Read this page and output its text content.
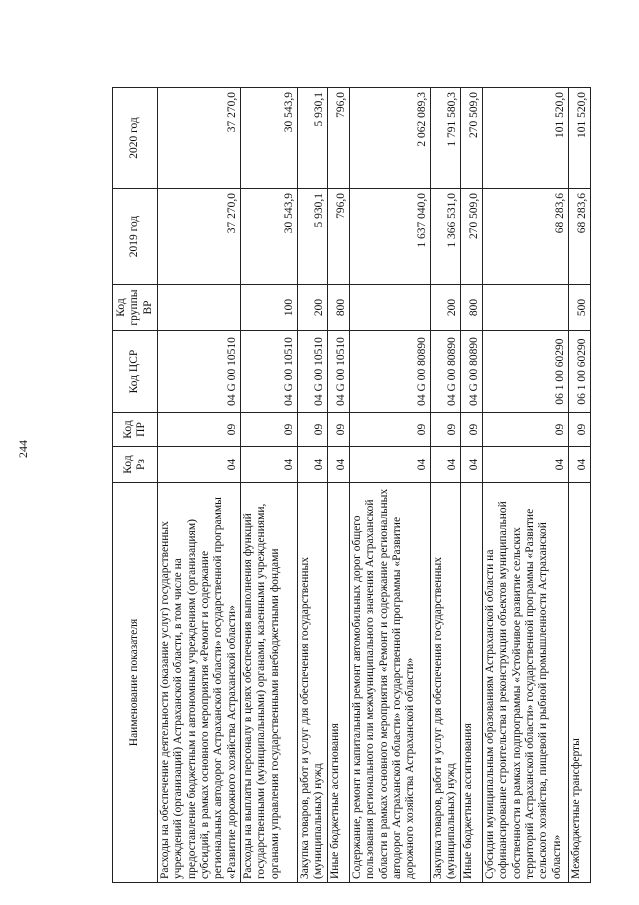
244
Наименование показателя	Код Рз	Код ПР	Код ЦСР	Код группы ВР	2019 год	2020 год
Расходы на обеспечение деятельности (оказание услуг) государственных учреждений (организаций) Астраханской области, в том числе на предоставление бюджетным и автономным учреждениям (организациям) субсидий, в рамках основного мероприятия «Ремонт и содержание региональных автодорог Астраханской области» государственной программы «Развитие дорожного хозяйства Астраханской области»	04	09	04 G 00 10510		37 270,0	37 270,0
Расходы на выплаты персоналу в целях обеспечения выполнения функций государственными (муниципальными) органами, казенными учреждениями, органами управления государственными внебюджетными фондами	04	09	04 G 00 10510	100	30 543,9	30 543,9
Закупка товаров, работ и услуг для обеспечения государственных (муниципальных) нужд	04	09	04 G 00 10510	200	5 930,1	5 930,1
Иные бюджетные ассигнования	04	09	04 G 00 10510	800	796,0	796,0
Содержание, ремонт и капитальный ремонт автомобильных дорог общего пользования регионального или межмуниципального значения Астраханской области в рамках основного мероприятия «Ремонт и содержание региональных автодорог Астраханской области» государственной программы «Развитие дорожного хозяйства Астраханской области»	04	09	04 G 00 80890		1 637 040,0	2 062 089,3
Закупка товаров, работ и услуг для обеспечения государственных (муниципальных) нужд	04	09	04 G 00 80890	200	1 366 531,0	1 791 580,3
Иные бюджетные ассигнования	04	09	04 G 00 80890	800	270 509,0	270 509,0
Субсидии муниципальным образованиям Астраханской области на софинансирование строительства и реконструкции объектов муниципальной собственности в рамках подпрограммы «Устойчивое развитие сельских территорий Астраханской области» государственной программы «Развитие сельского хозяйства, пищевой и рыбной промышленности Астраханской области»	04	09	06 1 00 60290		68 283,6	101 520,0
Межбюджетные трансферты	04	09	06 1 00 60290	500	68 283,6	101 520,0
